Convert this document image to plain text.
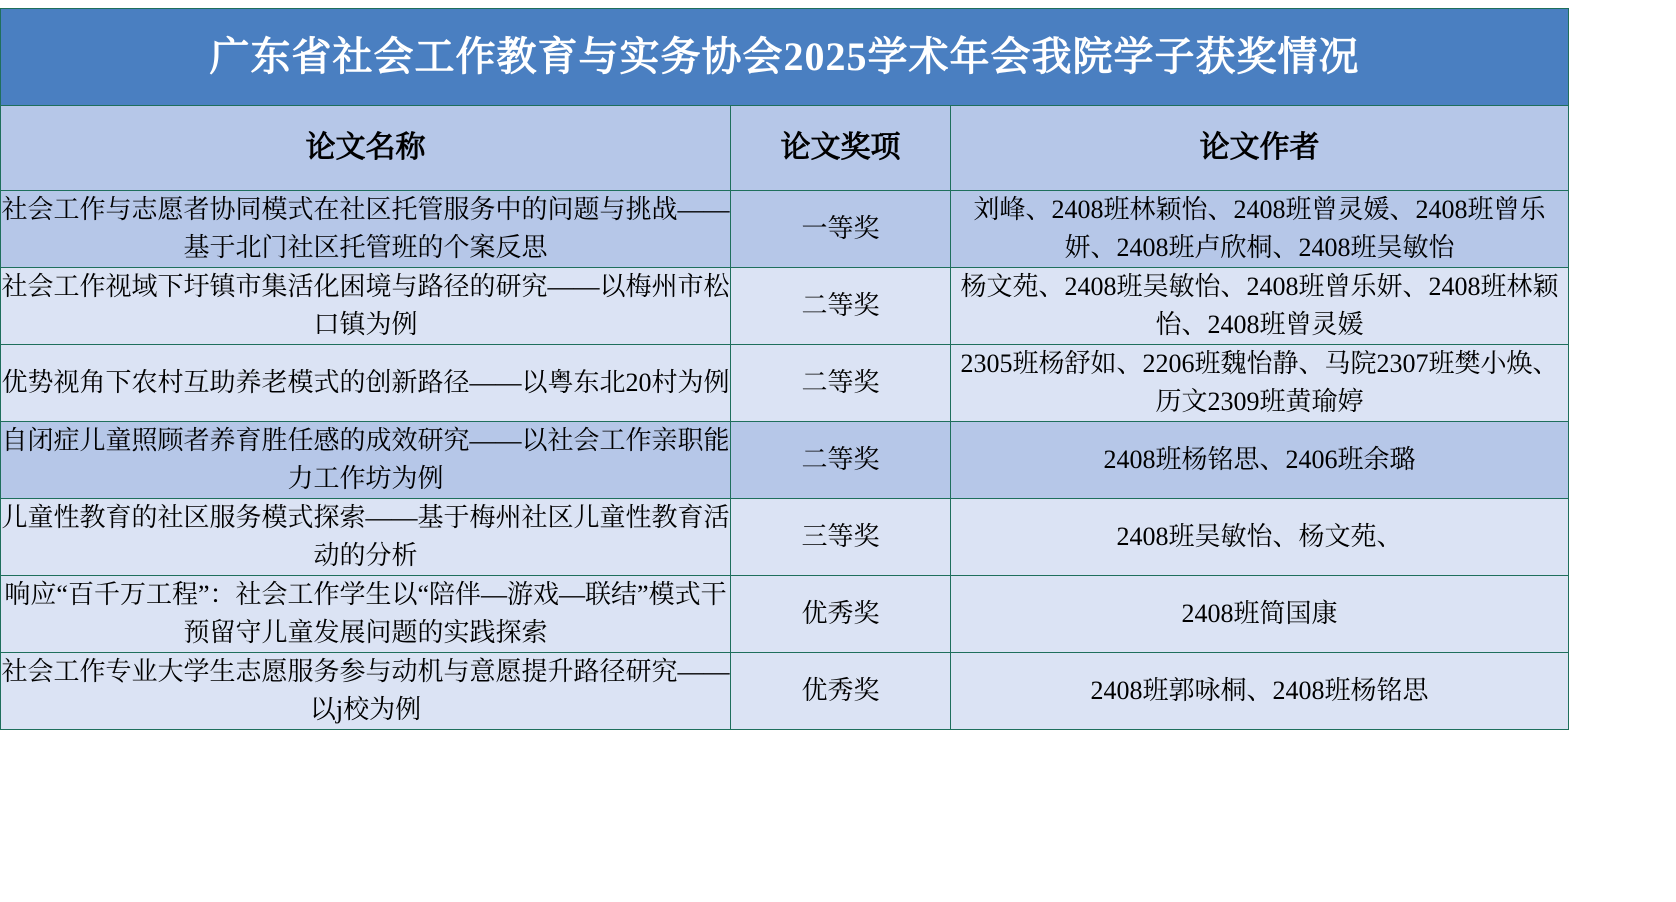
广东省社会工作教育与实务协会2025学术年会我院学子获奖情况		
论文名称	论文奖项	论文作者
社会工作与志愿者协同模式在社区托管服务中的问题与挑战——基于北门社区托管班的个案反思	一等奖	刘峰、2408班林颖怡、2408班曾灵媛、2408班曾乐妍、2408班卢欣桐、2408班吴敏怡
社会工作视域下圩镇市集活化困境与路径的研究——以梅州市松口镇为例	二等奖	杨文苑、2408班吴敏怡、2408班曾乐妍、2408班林颖怡、2408班曾灵媛
优势视角下农村互助养老模式的创新路径——以粤东北20村为例	二等奖	2305班杨舒如、2206班魏怡静、马院2307班樊小焕、历文2309班黄瑜婷
自闭症儿童照顾者养育胜任感的成效研究——以社会工作亲职能力工作坊为例	二等奖	2408班杨铭思、2406班余璐
儿童性教育的社区服务模式探索——基于梅州社区儿童性教育活动的分析	三等奖	2408班吴敏怡、杨文苑、
响应“百千万工程”：社会工作学生以“陪伴—游戏—联结”模式干预留守儿童发展问题的实践探索	优秀奖	2408班简国康
社会工作专业大学生志愿服务参与动机与意愿提升路径研究——以j校为例	优秀奖	2408班郭咏桐、2408班杨铭思
